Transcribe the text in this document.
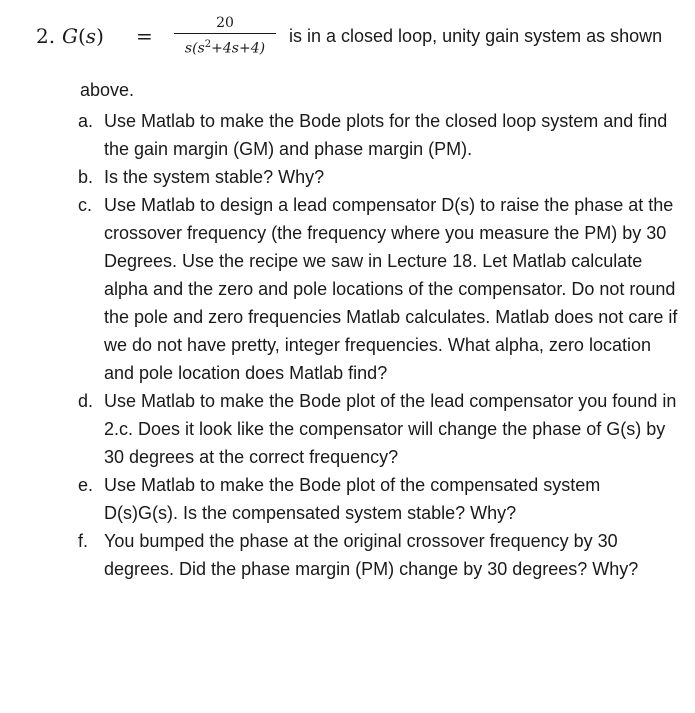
2. G(s) =
20
$s(s^2+4s+4)$
is in a closed loop, unity gain system as shown
above.
a. Use Matlab to make the Bode plots for the closed loop system and find the gain margin (GM) and phase margin (PM).
b. Is the system stable? Why?
c. Use Matlab to design a lead compensator D(s) to raise the phase at the crossover frequency (the frequency where you measure the PM) by 30 Degrees. Use the recipe we saw in Lecture 18. Let Matlab calculate alpha and the zero and pole locations of the compensator. Do not round the pole and zero frequencies Matlab calculates. Matlab does not care if we do not have pretty, integer frequencies. What alpha, zero location and pole location does Matlab find?
d. Use Matlab to make the Bode plot of the lead compensator you found in 2.c. Does it look like the compensator will change the phase of G(s) by 30 degrees at the correct frequency?
e. Use Matlab to make the Bode plot of the compensated system D(s)G(s). Is the compensated system stable? Why?
f. You bumped the phase at the original crossover frequency by 30 degrees. Did the phase margin (PM) change by 30 degrees? Why?
